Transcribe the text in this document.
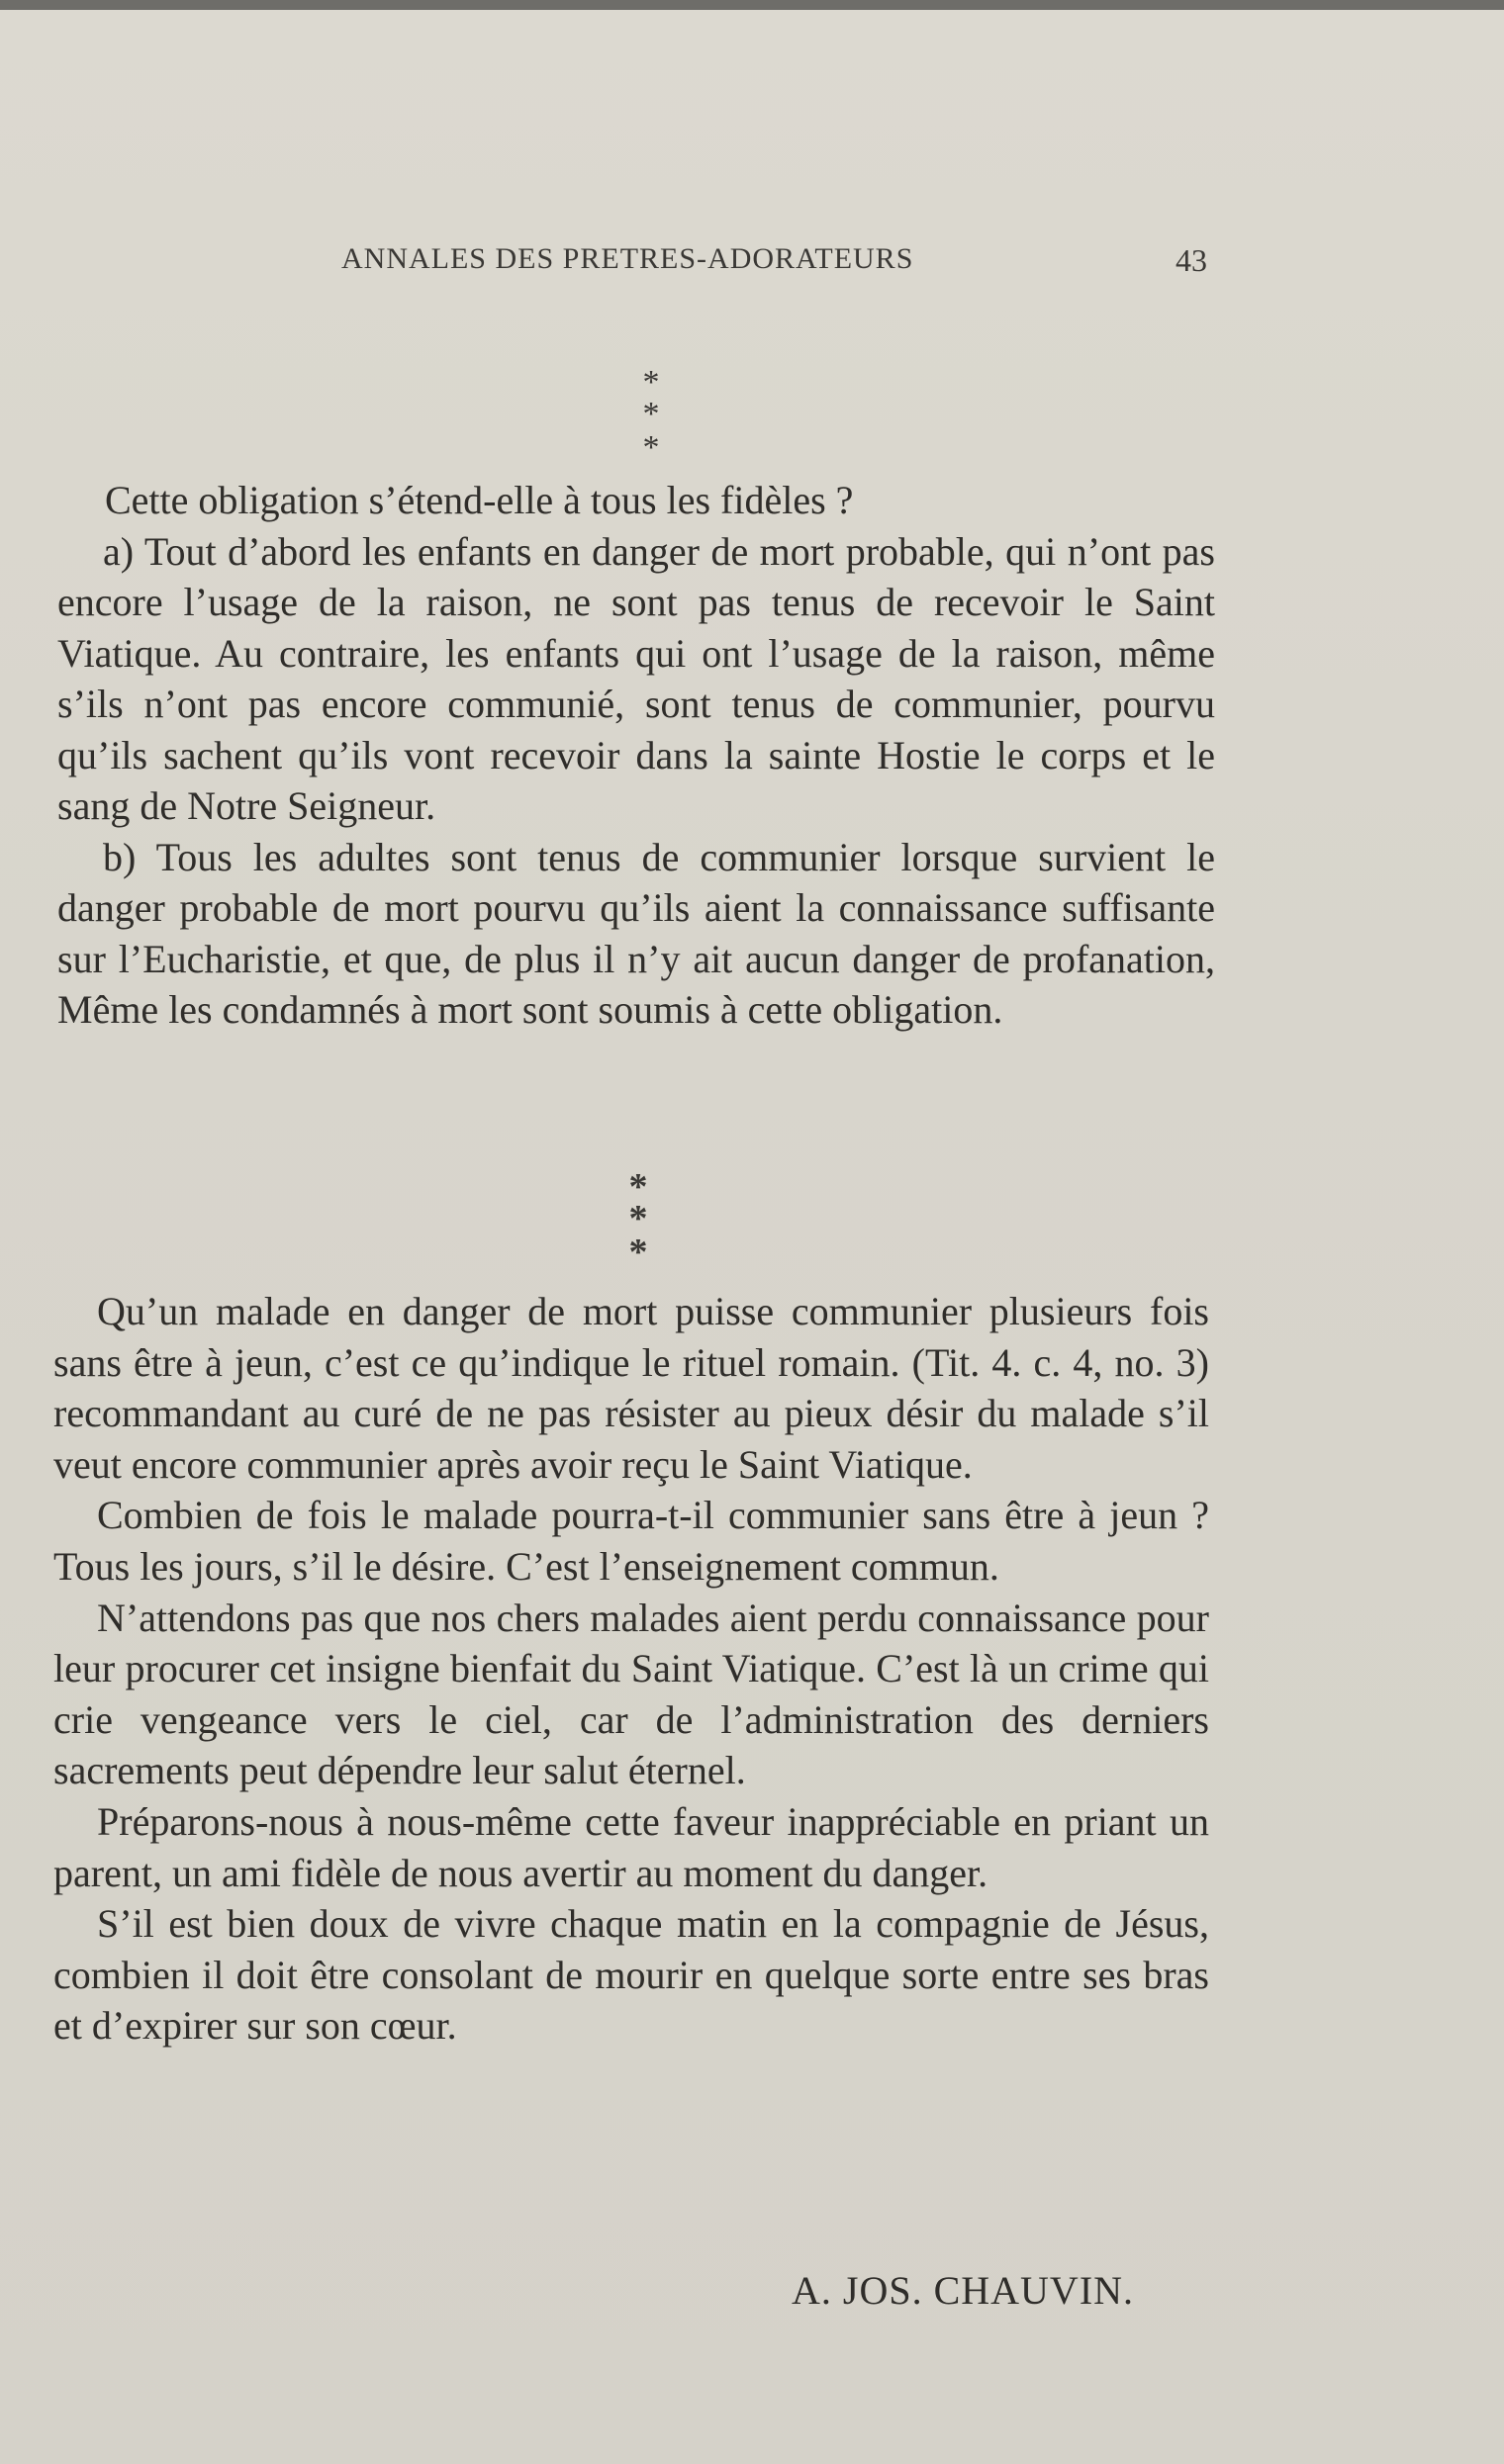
ANNALES DES PRETRES-ADORATEURS	43
*
* *

Cette obligation s’étend-elle à tous les fidèles ?

a) Tout d’abord les enfants en danger de mort probable, qui n’ont pas encore l’usage de la raison, ne sont pas tenus de recevoir le Saint Viatique. Au contraire, les enfants qui ont l’usage de la raison, même s’ils n’ont pas encore communié, sont tenus de communier, pourvu qu’ils sachent qu’ils vont recevoir dans la sainte Hostie le corps et le sang de Notre Seigneur.

b) Tous les adultes sont tenus de communier lorsque survient le danger probable de mort pourvu qu’ils aient la connaissance suffisante sur l’Eucharistie, et que, de plus il n’y ait aucun danger de profanation, Même les condamnés à mort sont soumis à cette obligation.

*
* *

Qu’un malade en danger de mort puisse communier plusieurs fois sans être à jeun, c’est ce qu’indique le rituel romain. (Tit. 4. c. 4, no. 3) recommandant au curé de ne pas résister au pieux désir du malade s’il veut encore communier après avoir reçu le Saint Viatique.

Combien de fois le malade pourra-t-il communier sans être à jeun ? Tous les jours, s’il le désire. C’est l’enseignement commun.

N’attendons pas que nos chers malades aient perdu connaissance pour leur procurer cet insigne bienfait du Saint Viatique. C’est là un crime qui crie vengeance vers le ciel, car de l’administration des derniers sacrements peut dépendre leur salut éternel.

Préparons-nous à nous-même cette faveur inappréciable en priant un parent, un ami fidèle de nous avertir au moment du danger.

S’il est bien doux de vivre chaque matin en la compagnie de Jésus, combien il doit être consolant de mourir en quelque sorte entre ses bras et d’expirer sur son cœur.

A. JOS. CHAUVIN.
